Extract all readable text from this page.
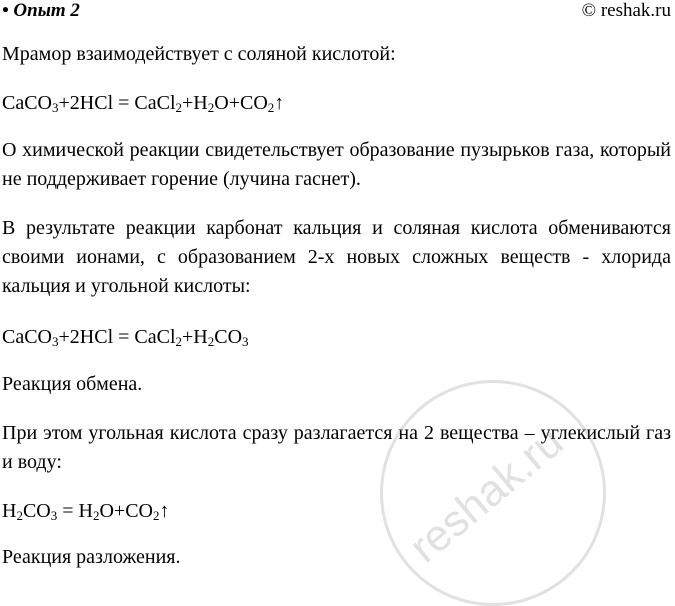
• Опыт 2	© reshak.ru
Мрамор взаимодействует с соляной кислотой:
CaCO$_3$+2HCl = $CaCl_2+H_2O+CO_2↑$
О химической реакции свидетельствует образование пузырьков газа, который не поддерживает горение (лучина гаснет).
В результате реакции карбонат кальция и соляная кислота обмениваются своими ионами, с образованием 2-х новых сложных веществ - хлорида кальция и угольной кислоты:
CaCO$_3$+2HCl = $CaCl_2+H_2CO_3$
Реакция обмена.
При этом угольная кислота сразу разлагается на 2 вещества – углекислый газ и воду:
$H_2CO_3$ = $H_2O+CO_2↑$
Реакция разложения.	reshak.ru
